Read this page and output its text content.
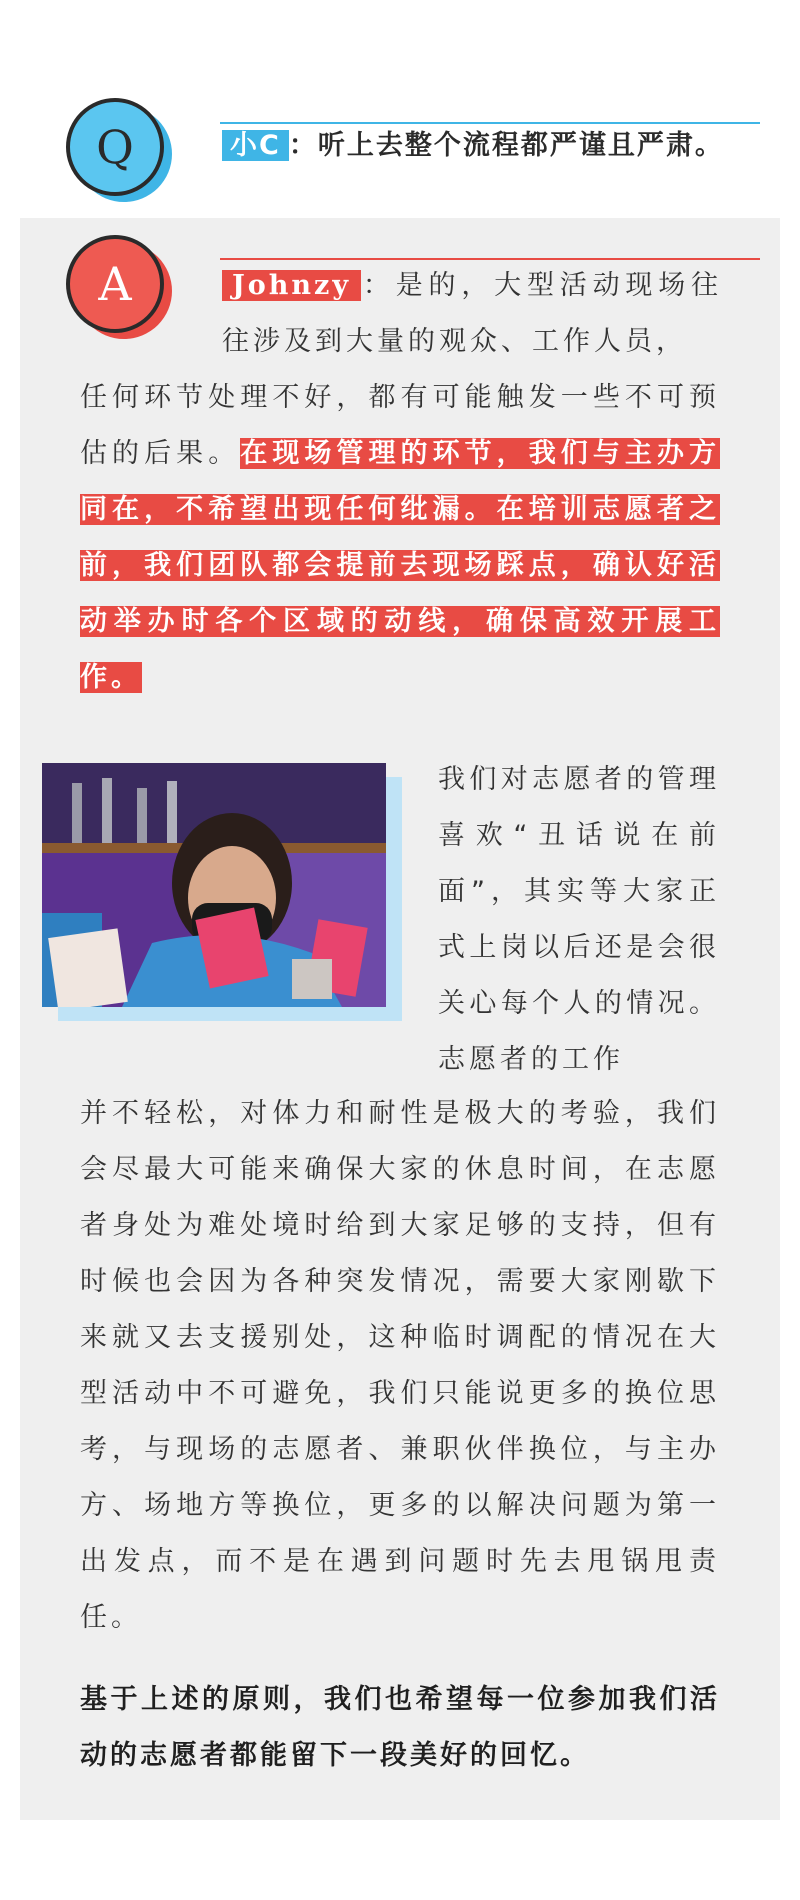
Q	小C ：听上去整个流程都严谨且严肃。
A	Johnzy ：是的，大型活动现场往往涉及到大量的观众、工作人员，
任何环节处理不好，都有可能触发一些不可预估的后果。在现场管理的环节，我们与主办方同在，不希望出现任何纰漏。在培训志愿者之前，我们团队都会提前去现场踩点，确认好活动举办时各个区域的动线，确保高效开展工作。
我们对志愿者的管理喜欢“丑话说在前面”，其实等大家正式上岗以后还是会很关心每个人的情况。志愿者的工作
并不轻松，对体力和耐性是极大的考验，我们会尽最大可能来确保大家的休息时间，在志愿者身处为难处境时给到大家足够的支持，但有时候也会因为各种突发情况，需要大家刚歇下来就又去支援别处，这种临时调配的情况在大型活动中不可避免，我们只能说更多的换位思考，与现场的志愿者、兼职伙伴换位，与主办方、场地方等换位，更多的以解决问题为第一出发点，而不是在遇到问题时先去甩锅甩责任。
基于上述的原则，我们也希望每一位参加我们活动的志愿者都能留下一段美好的回忆。
